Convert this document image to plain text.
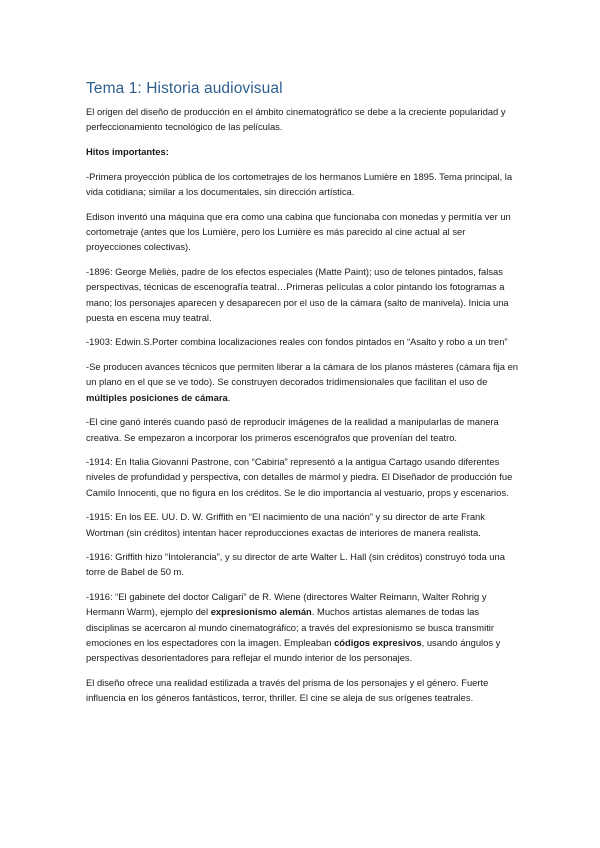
Tema 1: Historia audiovisual

El origen del diseño de producción en el ámbito cinematográfico se debe a la creciente popularidad y perfeccionamiento tecnológico de las películas.

Hitos importantes:

-Primera proyección pública de los cortometrajes de los hermanos Lumière en 1895. Tema principal, la vida cotidiana; similar a los documentales, sin dirección artística.

Edison inventó una máquina que era como una cabina que funcionaba con monedas y permitía ver un cortometraje (antes que los Lumière, pero los Lumière es más parecido al cine actual al ser proyecciones colectivas).

-1896: George Meliès, padre de los efectos especiales (Matte Paint); uso de telones pintados, falsas perspectivas, técnicas de escenografía teatral…Primeras películas a color pintando los fotogramas a mano; los personajes aparecen y desaparecen por el uso de la cámara (salto de manivela). Inicia una puesta en escena muy teatral.

-1903: Edwin.S.Porter combina localizaciones reales con fondos pintados en “Asalto y robo a un tren”

-Se producen avances técnicos que permiten liberar a la cámara de los planos másteres (cámara fija en un plano en el que se ve todo). Se construyen decorados tridimensionales que facilitan el uso de múltiples posiciones de cámara.

-El cine ganó interés cuando pasó de reproducir imágenes de la realidad a manipularlas de manera creativa. Se empezaron a incorporar los primeros escenógrafos que provenían del teatro.

-1914: En Italia Giovanni Pastrone, con “Cabiria” representó a la antigua Cartago usando diferentes niveles de profundidad y perspectiva, con detalles de mármol y piedra. El Diseñador de producción fue Camilo Innocenti, que no figura en los créditos. Se le dio importancia al vestuario, props y escenarios.

-1915: En los EE. UU. D. W. Griffith en “El nacimiento de una nación” y su director de arte Frank Wortman (sin créditos) intentan hacer reproducciones exactas de interiores de manera realista.

-1916: Griffith hizo “Intolerancia”, y su director de arte Walter L. Hall (sin créditos) construyó toda una torre de Babel de 50 m.

-1916: “El gabinete del doctor Caligari” de R. Wiene (directores Walter Reimann, Walter Rohrig y Hermann Warm), ejemplo del expresionismo alemán. Muchos artistas alemanes de todas las disciplinas se acercaron al mundo cinematográfico; a través del expresionismo se busca transmitir emociones en los espectadores con la imagen. Empleaban códigos expresivos, usando ángulos y perspectivas desorientadores para reflejar el mundo interior de los personajes.

El diseño ofrece una realidad estilizada a través del prisma de los personajes y el género. Fuerte influencia en los géneros fantásticos, terror, thriller. El cine se aleja de sus orígenes teatrales.
